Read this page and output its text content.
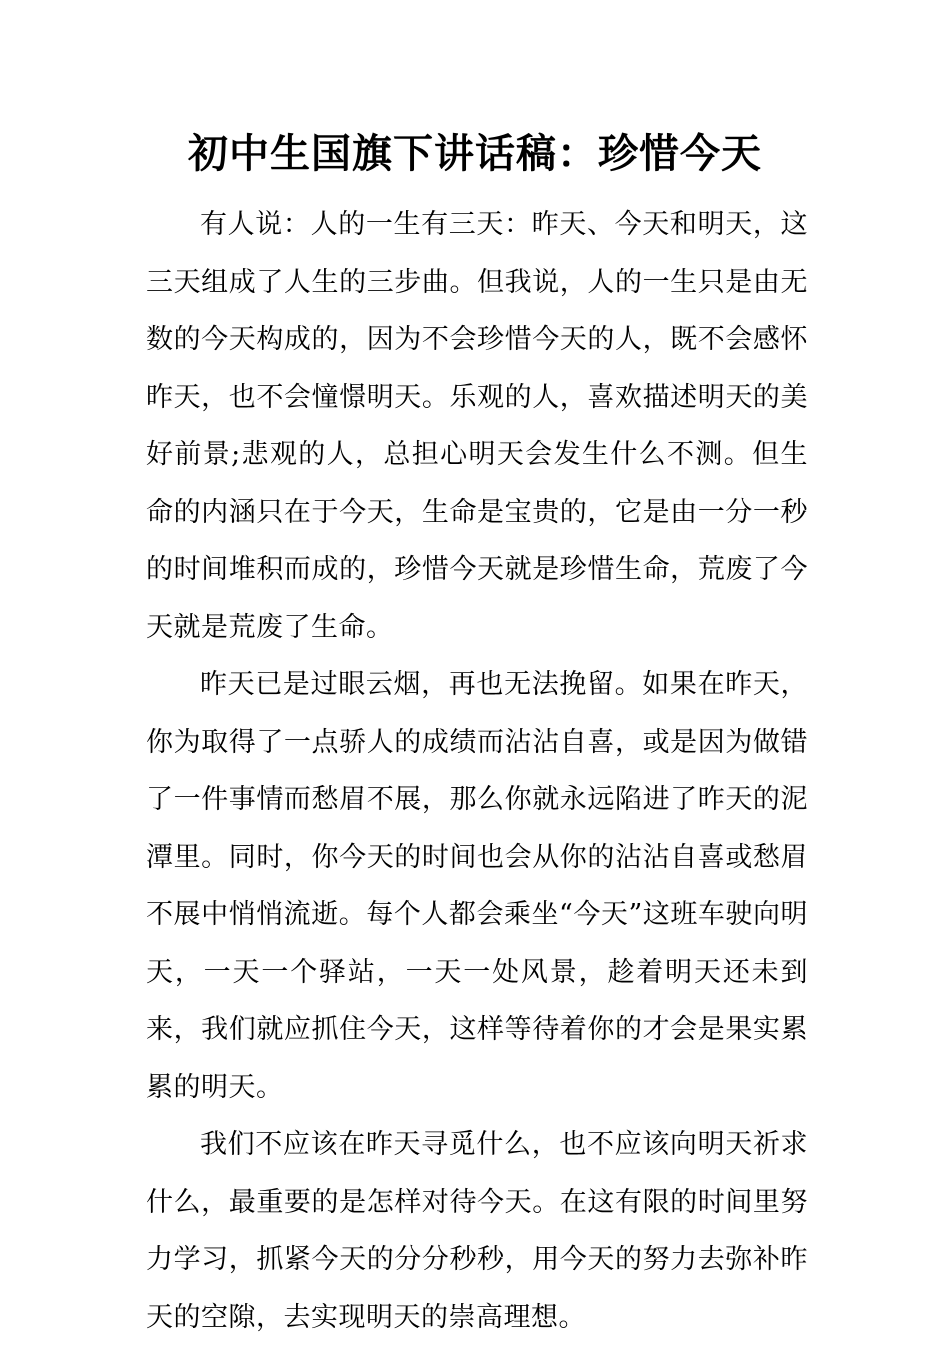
初中生国旗下讲话稿：珍惜今天

有人说：人的一生有三天：昨天、今天和明天，这三天组成了人生的三步曲。但我说，人的一生只是由无数的今天构成的，因为不会珍惜今天的人，既不会感怀昨天，也不会憧憬明天。乐观的人，喜欢描述明天的美好前景;悲观的人，总担心明天会发生什么不测。但生命的内涵只在于今天，生命是宝贵的，它是由一分一秒的时间堆积而成的，珍惜今天就是珍惜生命，荒废了今天就是荒废了生命。

昨天已是过眼云烟，再也无法挽留。如果在昨天，你为取得了一点骄人的成绩而沾沾自喜，或是因为做错了一件事情而愁眉不展，那么你就永远陷进了昨天的泥潭里。同时，你今天的时间也会从你的沾沾自喜或愁眉不展中悄悄流逝。每个人都会乘坐“今天”这班车驶向明天，一天一个驿站，一天一处风景，趁着明天还未到来，我们就应抓住今天，这样等待着你的才会是果实累累的明天。

我们不应该在昨天寻觅什么，也不应该向明天祈求什么，最重要的是怎样对待今天。在这有限的时间里努力学习，抓紧今天的分分秒秒，用今天的努力去弥补昨天的空隙，去实现明天的崇高理想。
